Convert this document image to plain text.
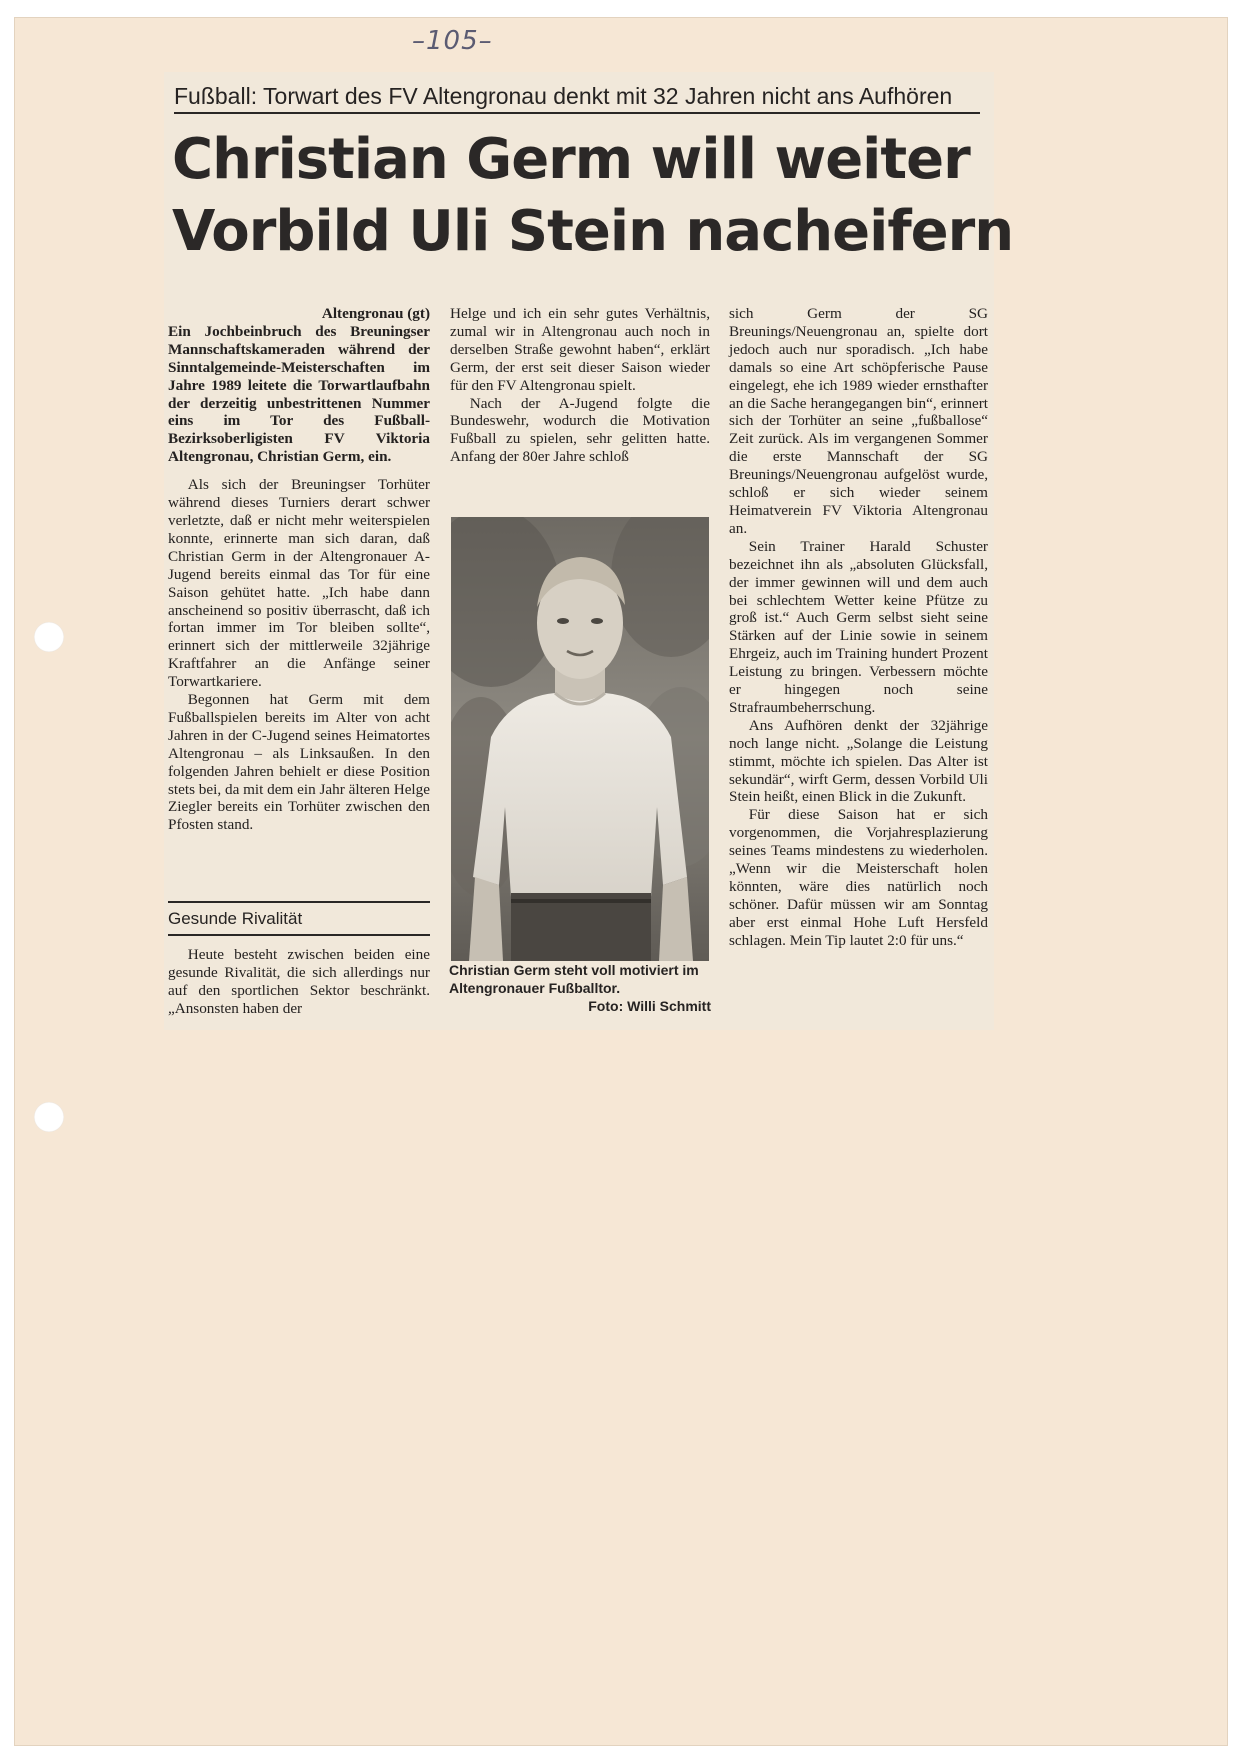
–105–
Fußball: Torwart des FV Altengronau denkt mit 32 Jahren nicht ans Aufhören
Christian Germ will weiter
Vorbild Uli Stein nacheifern

Altengronau (gt)

Ein Jochbeinbruch des Breuningser Mannschaftskameraden während der Sinntalgemeinde-Meisterschaften im Jahre 1989 leitete die Torwartlaufbahn der derzeitig unbestrittenen Nummer eins im Tor des Fußball-Bezirksoberligisten FV Viktoria Altengronau, Christian Germ, ein.

Als sich der Breuningser Torhüter während dieses Turniers derart schwer verletzte, daß er nicht mehr weiterspielen konnte, erinnerte man sich daran, daß Christian Germ in der Altengronauer A-Jugend bereits einmal das Tor für eine Saison gehütet hatte. „Ich habe dann anscheinend so positiv überrascht, daß ich fortan immer im Tor bleiben sollte“, erinnert sich der mittlerweile 32jährige Kraftfahrer an die Anfänge seiner Torwartkariere.

Begonnen hat Germ mit dem Fußballspielen bereits im Alter von acht Jahren in der C-Jugend seines Heimatortes Altengronau – als Linksaußen. In den folgenden Jahren behielt er diese Position stets bei, da mit dem ein Jahr älteren Helge Ziegler bereits ein Torhüter zwischen den Pfosten stand.

Gesunde Rivalität

Heute besteht zwischen beiden eine gesunde Rivalität, die sich allerdings nur auf den sportlichen Sektor beschränkt. „Ansonsten haben der

Helge und ich ein sehr gutes Verhältnis, zumal wir in Altengronau auch noch in derselben Straße gewohnt haben“, erklärt Germ, der erst seit dieser Saison wieder für den FV Altengronau spielt.

Nach der A-Jugend folgte die Bundeswehr, wodurch die Motivation Fußball zu spielen, sehr gelitten hatte. Anfang der 80er Jahre schloß

Christian Germ steht voll motiviert im Altengronauer Fußballtor.
Foto: Willi Schmitt

sich Germ der SG Breunings/Neuengronau an, spielte dort jedoch auch nur sporadisch. „Ich habe damals so eine Art schöpferische Pause eingelegt, ehe ich 1989 wieder ernsthafter an die Sache herangegangen bin“, erinnert sich der Torhüter an seine „fußballose“ Zeit zurück. Als im vergangenen Sommer die erste Mannschaft der SG Breunings/Neuengronau aufgelöst wurde, schloß er sich wieder seinem Heimatverein FV Viktoria Altengronau an.

Sein Trainer Harald Schuster bezeichnet ihn als „absoluten Glücksfall, der immer gewinnen will und dem auch bei schlechtem Wetter keine Pfütze zu groß ist.“ Auch Germ selbst sieht seine Stärken auf der Linie sowie in seinem Ehrgeiz, auch im Training hundert Prozent Leistung zu bringen. Verbessern möchte er hingegen noch seine Strafraumbeherrschung.

Ans Aufhören denkt der 32jährige noch lange nicht. „Solange die Leistung stimmt, möchte ich spielen. Das Alter ist sekundär“, wirft Germ, dessen Vorbild Uli Stein heißt, einen Blick in die Zukunft.

Für diese Saison hat er sich vorgenommen, die Vorjahresplazierung seines Teams mindestens zu wiederholen. „Wenn wir die Meisterschaft holen könnten, wäre dies natürlich noch schöner. Dafür müssen wir am Sonntag aber erst einmal Hohe Luft Hersfeld schlagen. Mein Tip lautet 2:0 für uns.“
